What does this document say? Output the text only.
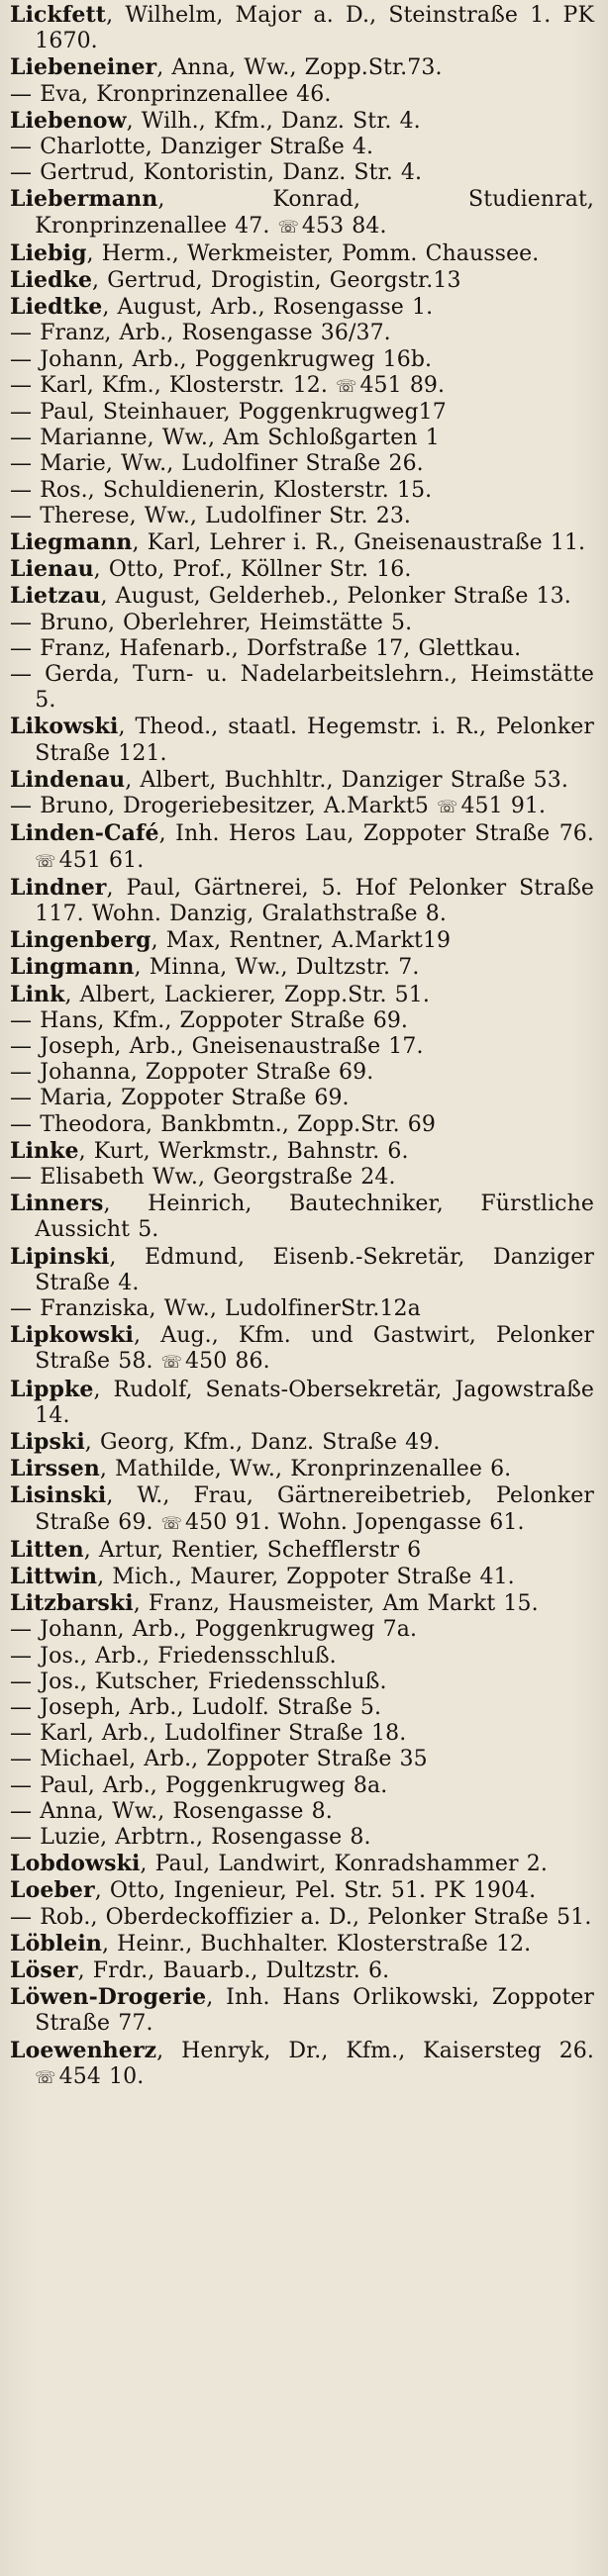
Lickfett, Wilhelm, Major a. D., Steinstraße 1. PK 1670.

Liebeneiner, Anna, Ww., Zopp.Str.73.

— Eva, Kronprinzenallee 46.

Liebenow, Wilh., Kfm., Danz. Str. 4.

— Charlotte, Danziger Straße 4.

— Gertrud, Kontoristin, Danz. Str. 4.

Liebermann, Konrad, Studienrat, Kronprinzenallee 47. ☏ 453 84.

Liebig, Herm., Werkmeister, Pomm. Chaussee.

Liedke, Gertrud, Drogistin, Georgstr.13

Liedtke, August, Arb., Rosengasse 1.

— Franz, Arb., Rosengasse 36/37.

— Johann, Arb., Poggenkrugweg 16b.

— Karl, Kfm., Klosterstr. 12. ☏ 451 89.

— Paul, Steinhauer, Poggenkrugweg17

— Marianne, Ww., Am Schloßgarten 1

— Marie, Ww., Ludolfiner Straße 26.

— Ros., Schuldienerin, Klosterstr. 15.

— Therese, Ww., Ludolfiner Str. 23.

Liegmann, Karl, Lehrer i. R., Gneisenaustraße 11.

Lienau, Otto, Prof., Köllner Str. 16.

Lietzau, August, Gelderheb., Pelonker Straße 13.

— Bruno, Oberlehrer, Heimstätte 5.

— Franz, Hafenarb., Dorfstraße 17, Glettkau.

— Gerda, Turn- u. Nadelarbeitslehrn., Heimstätte 5.

Likowski, Theod., staatl. Hegemstr. i. R., Pelonker Straße 121.

Lindenau, Albert, Buchhltr., Danziger Straße 53.

— Bruno, Drogeriebesitzer, A.Markt5 ☏ 451 91.

Linden-Café, Inh. Heros Lau, Zoppoter Straße 76. ☏ 451 61.

Lindner, Paul, Gärtnerei, 5. Hof Pelonker Straße 117. Wohn. Danzig, Gralathstraße 8.

Lingenberg, Max, Rentner, A.Markt19

Lingmann, Minna, Ww., Dultzstr. 7.

Link, Albert, Lackierer, Zopp.Str. 51.

— Hans, Kfm., Zoppoter Straße 69.

— Joseph, Arb., Gneisenaustraße 17.

— Johanna, Zoppoter Straße 69.

— Maria, Zoppoter Straße 69.

— Theodora, Bankbmtn., Zopp.Str. 69

Linke, Kurt, Werkmstr., Bahnstr. 6.

— Elisabeth Ww., Georgstraße 24.

Linners, Heinrich, Bautechniker, Fürstliche Aussicht 5.

Lipinski, Edmund, Eisenb.-Sekretär, Danziger Straße 4.

— Franziska, Ww., LudolfinerStr.12a

Lipkowski, Aug., Kfm. und Gastwirt, Pelonker Straße 58. ☏ 450 86.

Lippke, Rudolf, Senats-Obersekretär, Jagowstraße 14.

Lipski, Georg, Kfm., Danz. Straße 49.

Lirssen, Mathilde, Ww., Kronprinzenallee 6.

Lisinski, W., Frau, Gärtnereibetrieb, Pelonker Straße 69. ☏ 450 91. Wohn. Jopengasse 61.

Litten, Artur, Rentier, Schefflerstr 6

Littwin, Mich., Maurer, Zoppoter Straße 41.

Litzbarski, Franz, Hausmeister, Am Markt 15.

— Johann, Arb., Poggenkrugweg 7a.

— Jos., Arb., Friedensschluß.

— Jos., Kutscher, Friedensschluß.

— Joseph, Arb., Ludolf. Straße 5.

— Karl, Arb., Ludolfiner Straße 18.

— Michael, Arb., Zoppoter Straße 35

— Paul, Arb., Poggenkrugweg 8a.

— Anna, Ww., Rosengasse 8.

— Luzie, Arbtrn., Rosengasse 8.

Lobdowski, Paul, Landwirt, Konradshammer 2.

Loeber, Otto, Ingenieur, Pel. Str. 51. PK 1904.

— Rob., Oberdeckoffizier a. D., Pelonker Straße 51.

Löblein, Heinr., Buchhalter. Klosterstraße 12.

Löser, Frdr., Bauarb., Dultzstr. 6.

Löwen-Drogerie, Inh. Hans Orlikowski, Zoppoter Straße 77.

Loewenherz, Henryk, Dr., Kfm., Kaisersteg 26. ☏ 454 10.
